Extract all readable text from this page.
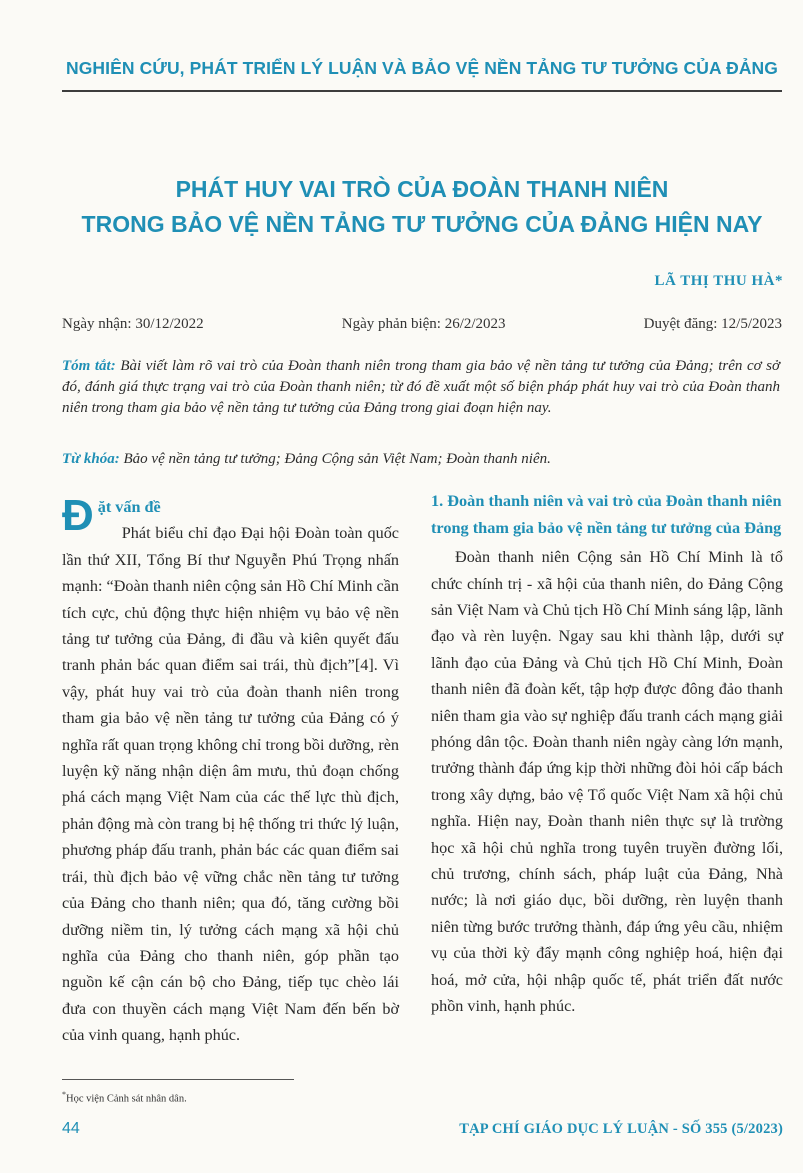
NGHIÊN CỨU, PHÁT TRIỂN LÝ LUẬN VÀ BẢO VỆ NỀN TẢNG TƯ TƯỞNG CỦA ĐẢNG
PHÁT HUY VAI TRÒ CỦA ĐOÀN THANH NIÊN
TRONG BẢO VỆ NỀN TẢNG TƯ TƯỞNG CỦA ĐẢNG HIỆN NAY
LÃ THỊ THU HÀ*
Ngày nhận: 30/12/2022	Ngày phản biện: 26/2/2023	Duyệt đăng: 12/5/2023
Tóm tắt: Bài viết làm rõ vai trò của Đoàn thanh niên trong tham gia bảo vệ nền tảng tư tưởng của Đảng; trên cơ sở đó, đánh giá thực trạng vai trò của Đoàn thanh niên; từ đó đề xuất một số biện pháp phát huy vai trò của Đoàn thanh niên trong tham gia bảo vệ nền tảng tư tưởng của Đảng trong giai đoạn hiện nay.
Từ khóa: Bảo vệ nền tảng tư tưởng; Đảng Cộng sản Việt Nam; Đoàn thanh niên.
Đ ặt vấn đề

Phát biểu chỉ đạo Đại hội Đoàn toàn quốc lần thứ XII, Tổng Bí thư Nguyễn Phú Trọng nhấn mạnh: “Đoàn thanh niên cộng sản Hồ Chí Minh cần tích cực, chủ động thực hiện nhiệm vụ bảo vệ nền tảng tư tưởng của Đảng, đi đầu và kiên quyết đấu tranh phản bác quan điểm sai trái, thù địch”[4]. Vì vậy, phát huy vai trò của đoàn thanh niên trong tham gia bảo vệ nền tảng tư tưởng của Đảng có ý nghĩa rất quan trọng không chỉ trong bồi dưỡng, rèn luyện kỹ năng nhận diện âm mưu, thủ đoạn chống phá cách mạng Việt Nam của các thế lực thù địch, phản động mà còn trang bị hệ thống tri thức lý luận, phương pháp đấu tranh, phản bác các quan điểm sai trái, thù địch bảo vệ vững chắc nền tảng tư tưởng của Đảng cho thanh niên; qua đó, tăng cường bồi dưỡng niềm tin, lý tưởng cách mạng xã hội chủ nghĩa của Đảng cho thanh niên, góp phần tạo nguồn kế cận cán bộ cho Đảng, tiếp tục chèo lái đưa con thuyền cách mạng Việt Nam đến bến bờ của vinh quang, hạnh phúc.

1. Đoàn thanh niên và vai trò của Đoàn thanh niên trong tham gia bảo vệ nền tảng tư tưởng của Đảng

Đoàn thanh niên Cộng sản Hồ Chí Minh là tổ chức chính trị - xã hội của thanh niên, do Đảng Cộng sản Việt Nam và Chủ tịch Hồ Chí Minh sáng lập, lãnh đạo và rèn luyện. Ngay sau khi thành lập, dưới sự lãnh đạo của Đảng và Chủ tịch Hồ Chí Minh, Đoàn thanh niên đã đoàn kết, tập hợp được đông đảo thanh niên tham gia vào sự nghiệp đấu tranh cách mạng giải phóng dân tộc. Đoàn thanh niên ngày càng lớn mạnh, trưởng thành đáp ứng kịp thời những đòi hỏi cấp bách trong xây dựng, bảo vệ Tổ quốc Việt Nam xã hội chủ nghĩa. Hiện nay, Đoàn thanh niên thực sự là trường học xã hội chủ nghĩa trong tuyên truyền đường lối, chủ trương, chính sách, pháp luật của Đảng, Nhà nước; là nơi giáo dục, bồi dưỡng, rèn luyện thanh niên từng bước trưởng thành, đáp ứng yêu cầu, nhiệm vụ của thời kỳ đẩy mạnh công nghiệp hoá, hiện đại hoá, mở cửa, hội nhập quốc tế, phát triển đất nước phồn vinh, hạnh phúc.

*Học viện Cảnh sát nhân dân.
44	TẠP CHÍ GIÁO DỤC LÝ LUẬN - SỐ 355 (5/2023)
